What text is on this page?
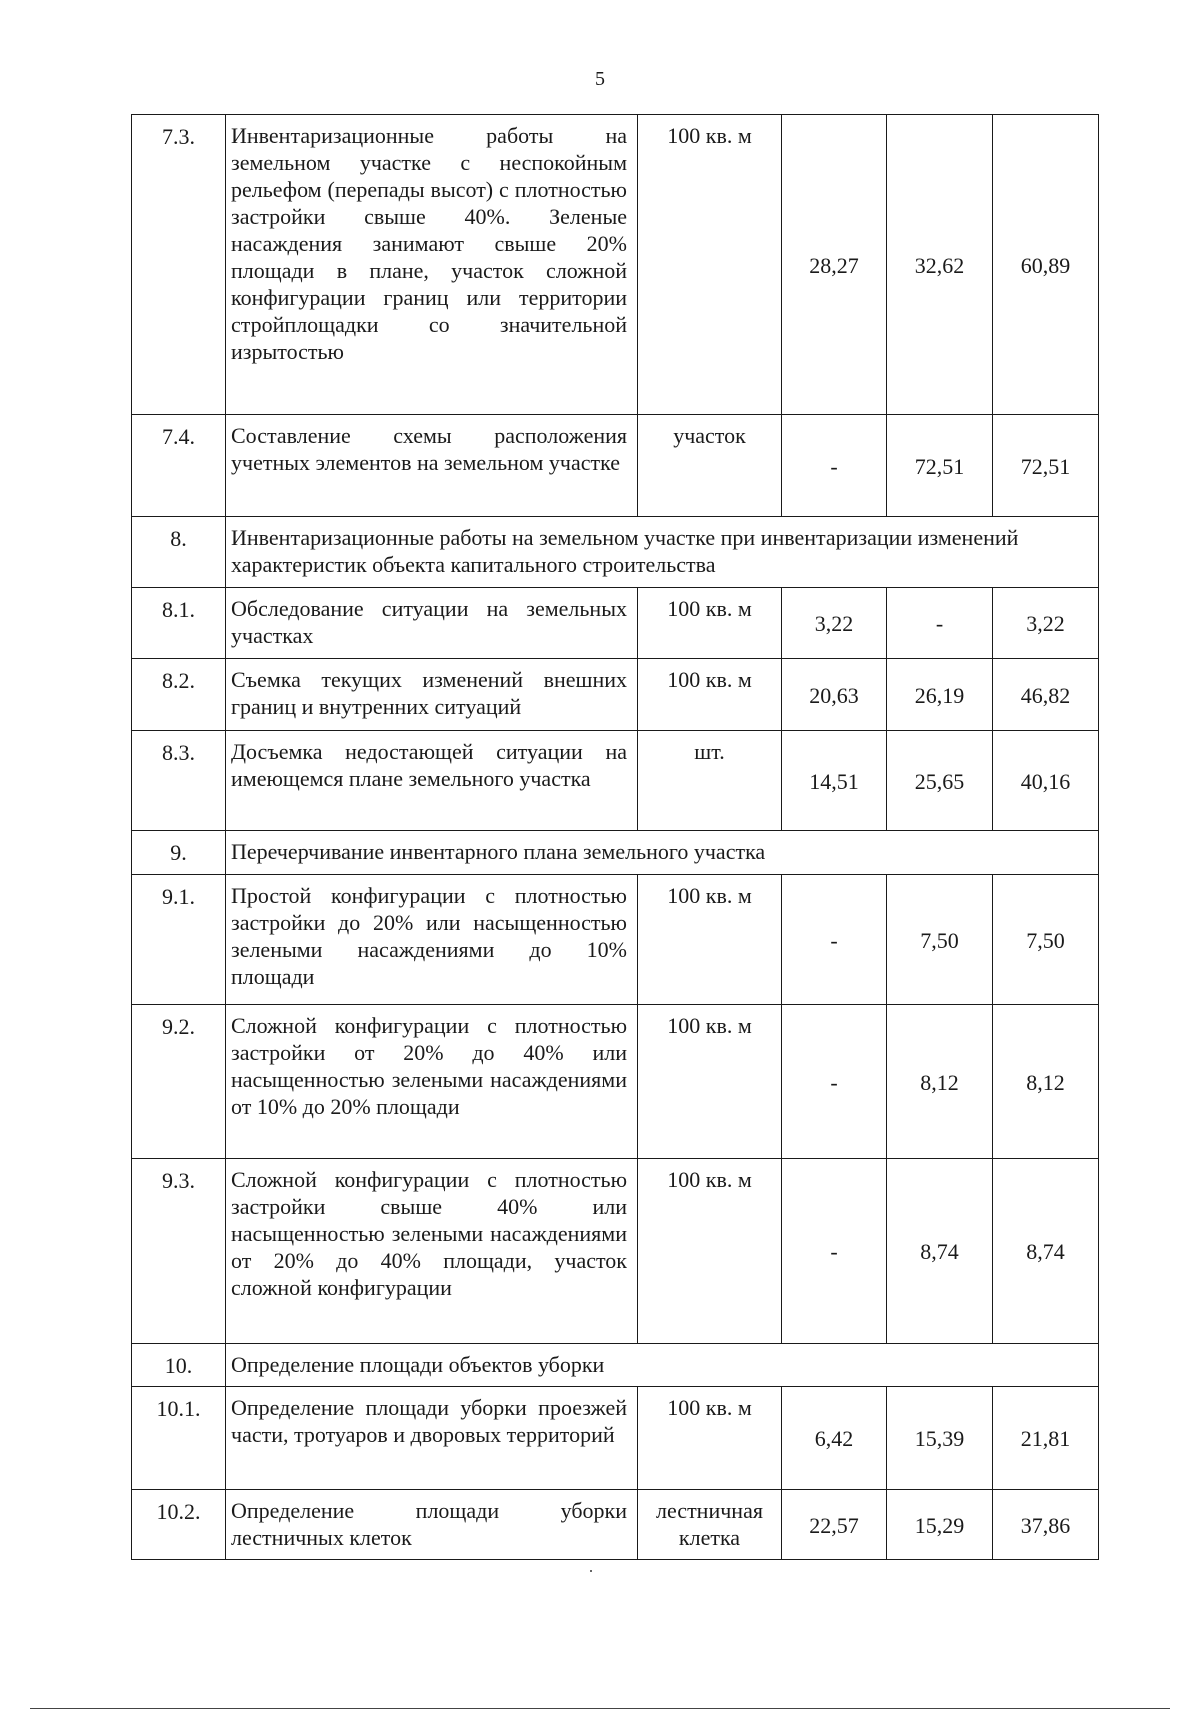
5
7.3.	Инвентаризационные работы на земельном участке с неспокойным рельефом (перепады высот) с плотностью застройки свыше 40%. Зеленые насаждения занимают свыше 20% площади в плане, участок сложной конфигурации границ или территории стройплощадки со значительной изрытостью	100 кв. м	28,27	32,62	60,89
7.4.	Составление схемы расположения учетных элементов на земельном участке	участок	-	72,51	72,51
8.	Инвентаризационные работы на земельном участке при инвентаризации изменений характеристик объекта капитального строительства				
8.1.	Обследование ситуации на земельных участках	100 кв. м	3,22	-	3,22
8.2.	Съемка текущих изменений внешних границ и внутренних ситуаций	100 кв. м	20,63	26,19	46,82
8.3.	Досъемка недостающей ситуации на имеющемся плане земельного участка	шт.	14,51	25,65	40,16
9.	Перечерчивание инвентарного плана земельного участка				
9.1.	Простой конфигурации с плотностью застройки до 20% или насыщенностью зелеными насаждениями до 10% площади	100 кв. м	-	7,50	7,50
9.2.	Сложной конфигурации с плотностью застройки от 20% до 40% или насыщенностью зелеными насаждениями от 10% до 20% площади	100 кв. м	-	8,12	8,12
9.3.	Сложной конфигурации с плотностью застройки свыше 40% или насыщенностью зелеными насаждениями от 20% до 40% площади, участок сложной конфигурации	100 кв. м	-	8,74	8,74
10.	Определение площади объектов уборки				
10.1.	Определение площади уборки проезжей части, тротуаров и дворовых территорий	100 кв. м	6,42	15,39	21,81
10.2.	Определение площади уборки лестничных клеток	лестничная клетка	22,57	15,29	37,86
